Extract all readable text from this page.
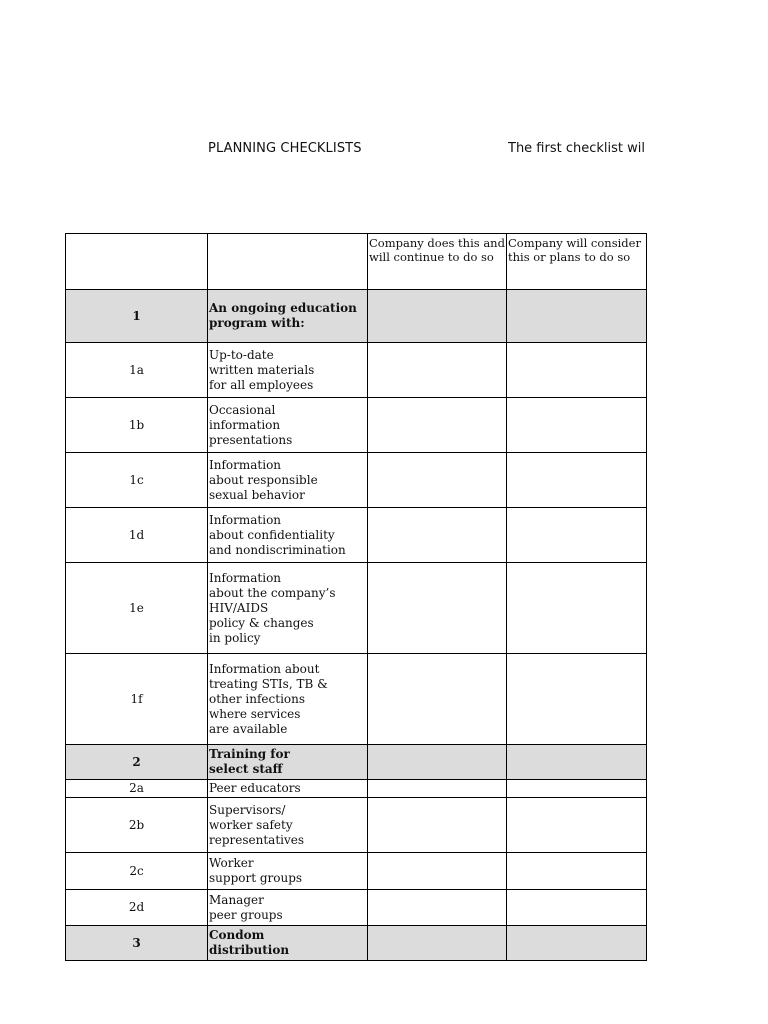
PLANNING CHECKLISTS	The first checklist wil
		Company does this and will continue to do so	Company will consider this or plans to do so
1	An ongoing education
program with:		
1a	Up-to-date
written materials
for all employees		
1b	Occasional
information
presentations		
1c	Information
about responsible
sexual behavior		
1d	Information
about confidentiality
and nondiscrimination		
1e	Information
about the company’s
HIV/AIDS
policy & changes
in policy		
1f	Information about
treating STIs, TB &
other infections
where services
are available		
2	Training for
select staff		
2a	Peer educators		
2b	Supervisors/
worker safety
representatives		
2c	Worker
support groups		
2d	Manager
peer groups		
3	Condom
distribution		
